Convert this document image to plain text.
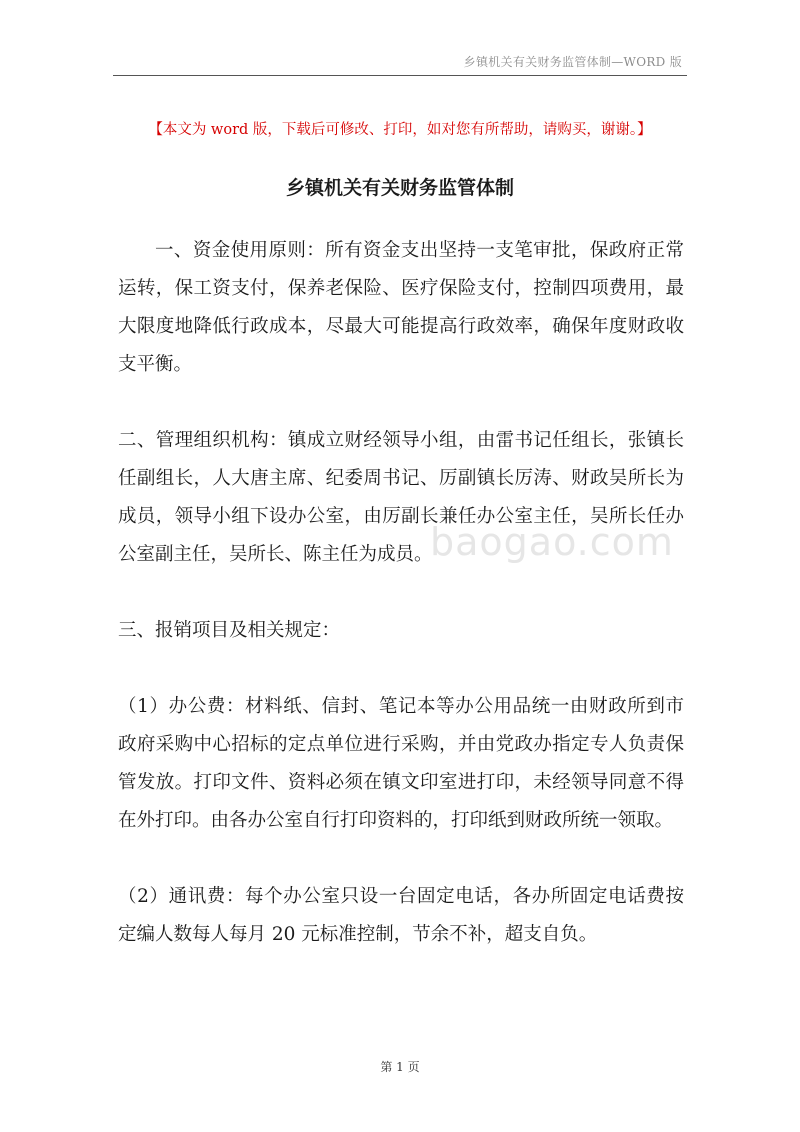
乡镇机关有关财务监管体制—WORD 版
【本文为 word 版，下载后可修改、打印，如对您有所帮助，请购买，谢谢。】
乡镇机关有关财务监管体制
baogao.com

一、资金使用原则：所有资金支出坚持一支笔审批，保政府正常运转，保工资支付，保养老保险、医疗保险支付，控制四项费用，最大限度地降低行政成本，尽最大可能提高行政效率，确保年度财政收支平衡。

二、管理组织机构：镇成立财经领导小组，由雷书记任组长，张镇长任副组长，人大唐主席、纪委周书记、厉副镇长厉涛、财政吴所长为成员，领导小组下设办公室，由厉副长兼任办公室主任，吴所长任办公室副主任，吴所长、陈主任为成员。

三、报销项目及相关规定：

（1）办公费：材料纸、信封、笔记本等办公用品统一由财政所到市政府采购中心招标的定点单位进行采购，并由党政办指定专人负责保管发放。打印文件、资料必须在镇文印室进打印，未经领导同意不得在外打印。由各办公室自行打印资料的，打印纸到财政所统一领取。

（2）通讯费：每个办公室只设一台固定电话，各办所固定电话费按定编人数每人每月 20 元标准控制，节余不补，超支自负。

第 1 页
